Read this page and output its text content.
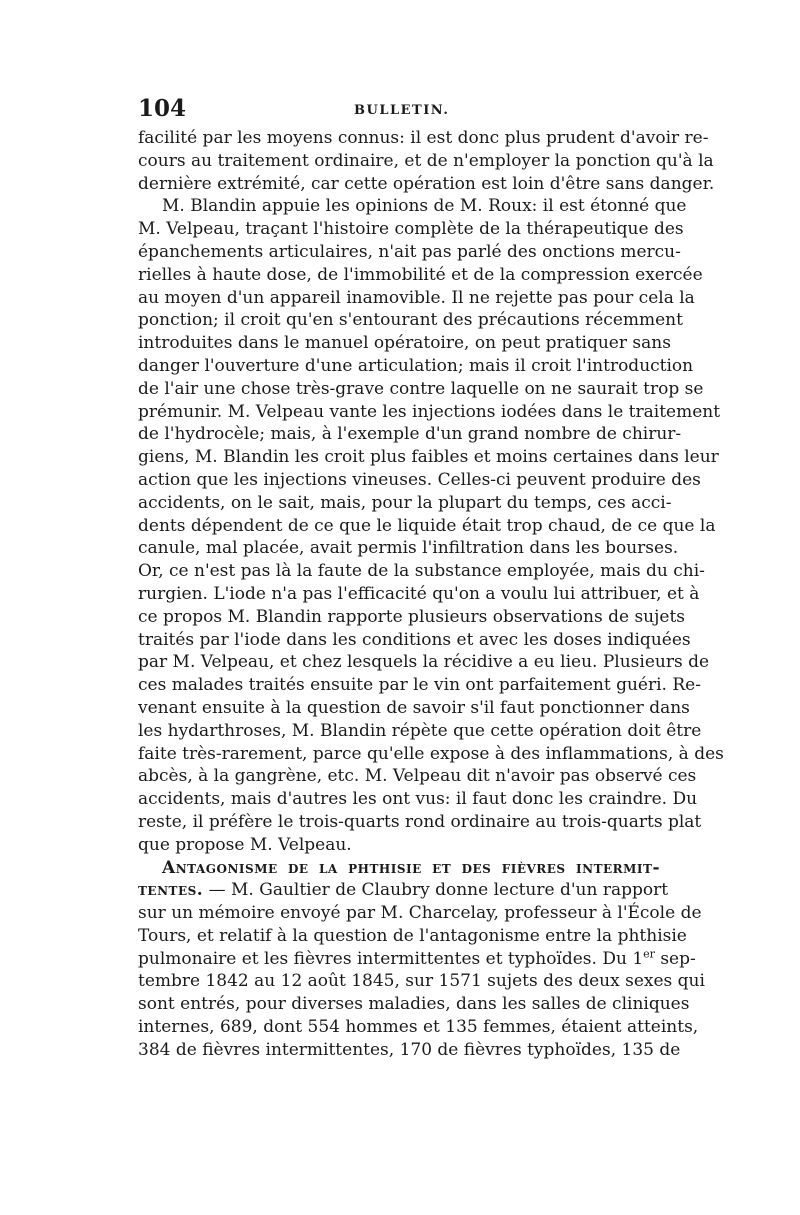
104	BULLETIN.
facilité par les moyens connus: il est donc plus prudent d'avoir re-
cours au traitement ordinaire, et de n'employer la ponction qu'à la
dernière extrémité, car cette opération est loin d'être sans danger.
M. Blandin appuie les opinions de M. Roux: il est étonné que
M. Velpeau, traçant l'histoire complète de la thérapeutique des
épanchements articulaires, n'ait pas parlé des onctions mercu-
rielles à haute dose, de l'immobilité et de la compression exercée
au moyen d'un appareil inamovible. Il ne rejette pas pour cela la
ponction; il croit qu'en s'entourant des précautions récemment
introduites dans le manuel opératoire, on peut pratiquer sans
danger l'ouverture d'une articulation; mais il croit l'introduction
de l'air une chose très-grave contre laquelle on ne saurait trop se
prémunir. M. Velpeau vante les injections iodées dans le traitement
de l'hydrocèle; mais, à l'exemple d'un grand nombre de chirur-
giens, M. Blandin les croit plus faibles et moins certaines dans leur
action que les injections vineuses. Celles-ci peuvent produire des
accidents, on le sait, mais, pour la plupart du temps, ces acci-
dents dépendent de ce que le liquide était trop chaud, de ce que la
canule, mal placée, avait permis l'infiltration dans les bourses.
Or, ce n'est pas là la faute de la substance employée, mais du chi-
rurgien. L'iode n'a pas l'efficacité qu'on a voulu lui attribuer, et à
ce propos M. Blandin rapporte plusieurs observations de sujets
traités par l'iode dans les conditions et avec les doses indiquées
par M. Velpeau, et chez lesquels la récidive a eu lieu. Plusieurs de
ces malades traités ensuite par le vin ont parfaitement guéri. Re-
venant ensuite à la question de savoir s'il faut ponctionner dans
les hydarthroses, M. Blandin répète que cette opération doit être
faite très-rarement, parce qu'elle expose à des inflammations, à des
abcès, à la gangrène, etc. M. Velpeau dit n'avoir pas observé ces
accidents, mais d'autres les ont vus: il faut donc les craindre. Du
reste, il préfère le trois-quarts rond ordinaire au trois-quarts plat
que propose M. Velpeau.
Antagonisme de la phthisie et des fièvres intermit-
tentes. — M. Gaultier de Claubry donne lecture d'un rapport
sur un mémoire envoyé par M. Charcelay, professeur à l'École de
Tours, et relatif à la question de l'antagonisme entre la phthisie
pulmonaire et les fièvres intermittentes et typhoïdes. Du 1er sep-
tembre 1842 au 12 août 1845, sur 1571 sujets des deux sexes qui
sont entrés, pour diverses maladies, dans les salles de cliniques
internes, 689, dont 554 hommes et 135 femmes, étaient atteints,
384 de fièvres intermittentes, 170 de fièvres typhoïdes, 135 de
